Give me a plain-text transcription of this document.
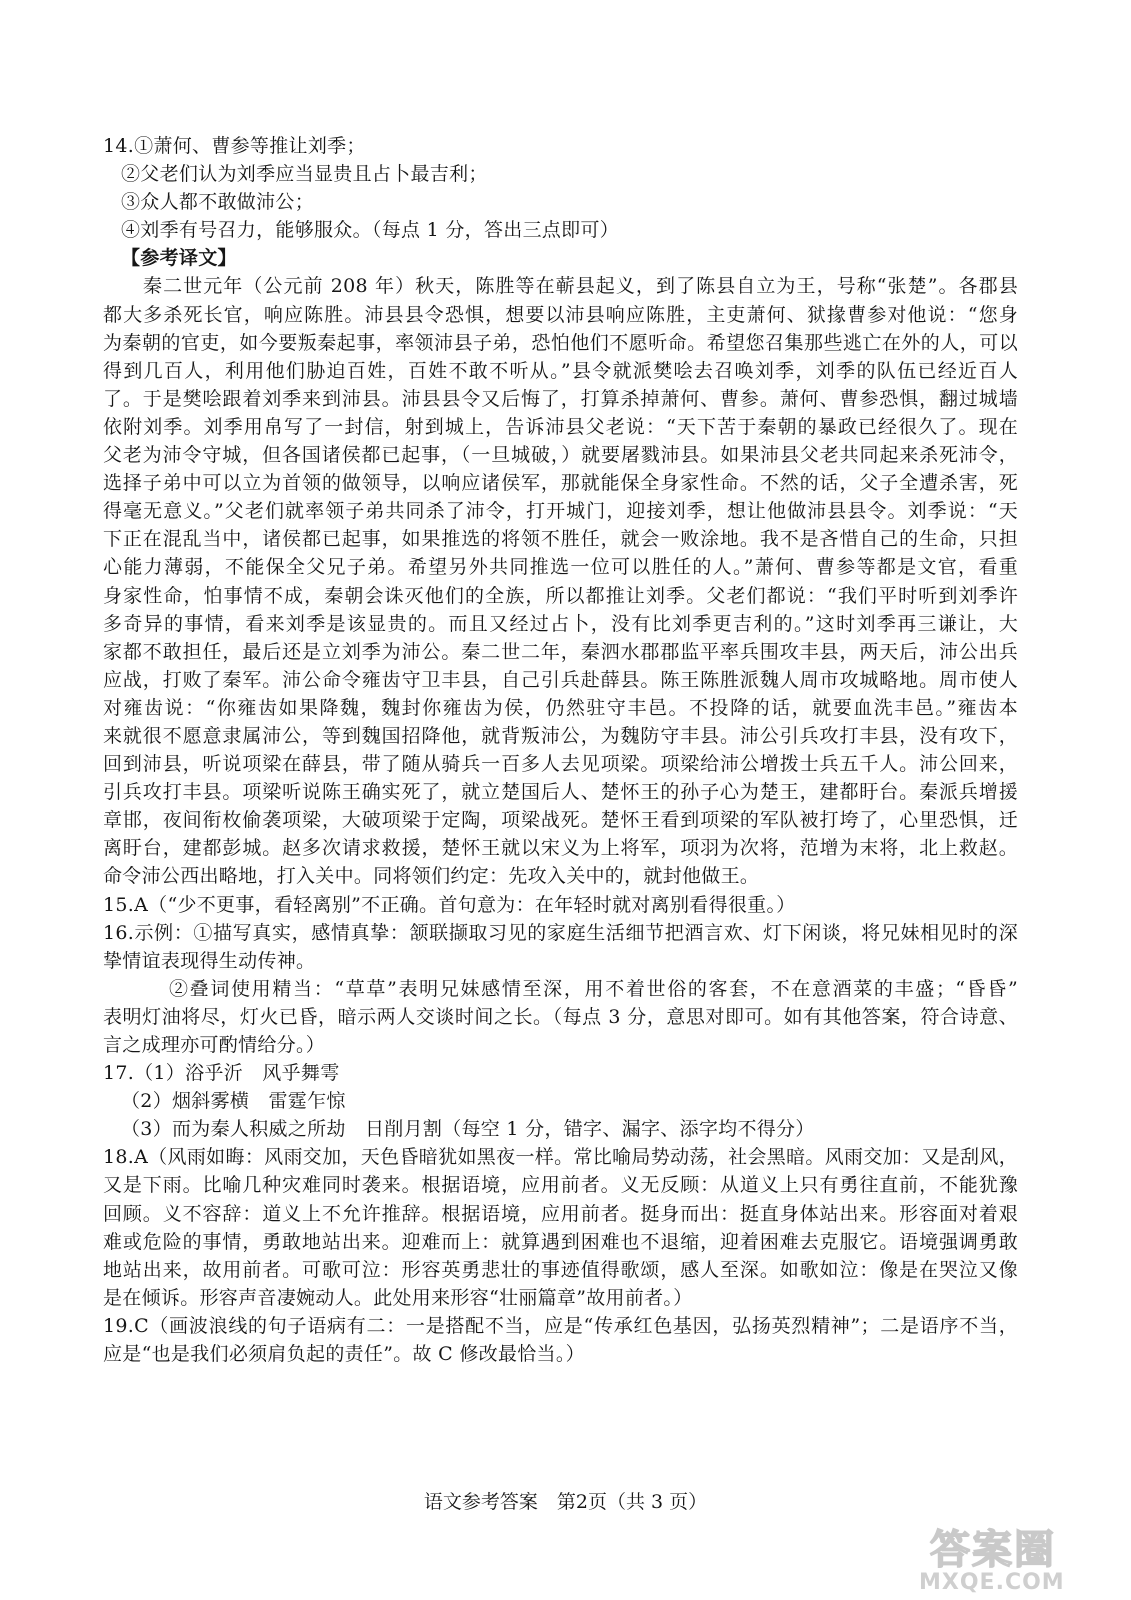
14.①萧何、曹参等推让刘季；
②父老们认为刘季应当显贵且占卜最吉利；
③众人都不敢做沛公；
④刘季有号召力，能够服众。（每点 1 分，答出三点即可）
【参考译文】
秦二世元年（公元前 208 年）秋天，陈胜等在蕲县起义，到了陈县自立为王，号称“张楚”。各郡县
都大多杀死长官，响应陈胜。沛县县令恐惧，想要以沛县响应陈胜，主吏萧何、狱掾曹参对他说：“您身
为秦朝的官吏，如今要叛秦起事，率领沛县子弟，恐怕他们不愿听命。希望您召集那些逃亡在外的人，可以
得到几百人，利用他们胁迫百姓，百姓不敢不听从。”县令就派樊哙去召唤刘季，刘季的队伍已经近百人
了。于是樊哙跟着刘季来到沛县。沛县县令又后悔了，打算杀掉萧何、曹参。萧何、曹参恐惧，翻过城墙
依附刘季。刘季用帛写了一封信，射到城上，告诉沛县父老说：“天下苦于秦朝的暴政已经很久了。现在
父老为沛令守城，但各国诸侯都已起事，（一旦城破，）就要屠戮沛县。如果沛县父老共同起来杀死沛令，
选择子弟中可以立为首领的做领导，以响应诸侯军，那就能保全身家性命。不然的话，父子全遭杀害，死
得毫无意义。”父老们就率领子弟共同杀了沛令，打开城门，迎接刘季，想让他做沛县县令。刘季说：“天
下正在混乱当中，诸侯都已起事，如果推选的将领不胜任，就会一败涂地。我不是吝惜自己的生命，只担
心能力薄弱，不能保全父兄子弟。希望另外共同推选一位可以胜任的人。”萧何、曹参等都是文官，看重
身家性命，怕事情不成，秦朝会诛灭他们的全族，所以都推让刘季。父老们都说：“我们平时听到刘季许
多奇异的事情，看来刘季是该显贵的。而且又经过占卜，没有比刘季更吉利的。”这时刘季再三谦让，大
家都不敢担任，最后还是立刘季为沛公。秦二世二年，秦泗水郡郡监平率兵围攻丰县，两天后，沛公出兵
应战，打败了秦军。沛公命令雍齿守卫丰县，自己引兵赴薛县。陈王陈胜派魏人周市攻城略地。周市使人
对雍齿说：“你雍齿如果降魏，魏封你雍齿为侯，仍然驻守丰邑。不投降的话，就要血洗丰邑。”雍齿本
来就很不愿意隶属沛公，等到魏国招降他，就背叛沛公，为魏防守丰县。沛公引兵攻打丰县，没有攻下，
回到沛县，听说项梁在薛县，带了随从骑兵一百多人去见项梁。项梁给沛公增拨士兵五千人。沛公回来，
引兵攻打丰县。项梁听说陈王确实死了，就立楚国后人、楚怀王的孙子心为楚王，建都盱台。秦派兵增援
章邯，夜间衔枚偷袭项梁，大破项梁于定陶，项梁战死。楚怀王看到项梁的军队被打垮了，心里恐惧，迁
离盱台，建都彭城。赵多次请求救援，楚怀王就以宋义为上将军，项羽为次将，范增为末将，北上救赵。
命令沛公西出略地，打入关中。同将领们约定：先攻入关中的，就封他做王。
15.A（“少不更事，看轻离别”不正确。首句意为：在年轻时就对离别看得很重。）
16.示例：①描写真实，感情真挚：颔联撷取习见的家庭生活细节把酒言欢、灯下闲谈，将兄妹相见时的深
挚情谊表现得生动传神。
②叠词使用精当：“草草”表明兄妹感情至深，用不着世俗的客套，不在意酒菜的丰盛；“昏昏”
表明灯油将尽，灯火已昏，暗示两人交谈时间之长。（每点 3 分，意思对即可。如有其他答案，符合诗意、
言之成理亦可酌情给分。）
17.（1）浴乎沂　风乎舞雩
（2）烟斜雾横　雷霆乍惊
（3）而为秦人积威之所劫　日削月割（每空 1 分，错字、漏字、添字均不得分）
18.A（风雨如晦：风雨交加，天色昏暗犹如黑夜一样。常比喻局势动荡，社会黑暗。风雨交加：又是刮风，
又是下雨。比喻几种灾难同时袭来。根据语境，应用前者。义无反顾：从道义上只有勇往直前，不能犹豫
回顾。义不容辞：道义上不允许推辞。根据语境，应用前者。挺身而出：挺直身体站出来。形容面对着艰
难或危险的事情，勇敢地站出来。迎难而上：就算遇到困难也不退缩，迎着困难去克服它。语境强调勇敢
地站出来，故用前者。可歌可泣：形容英勇悲壮的事迹值得歌颂，感人至深。如歌如泣：像是在哭泣又像
是在倾诉。形容声音凄婉动人。此处用来形容“壮丽篇章”故用前者。）
19.C（画波浪线的句子语病有二：一是搭配不当，应是“传承红色基因，弘扬英烈精神”；二是语序不当，
应是“也是我们必须肩负起的责任”。故 C 修改最恰当。）
语文参考答案　第2页（共 3 页）
答案圈
MXQE.COM
